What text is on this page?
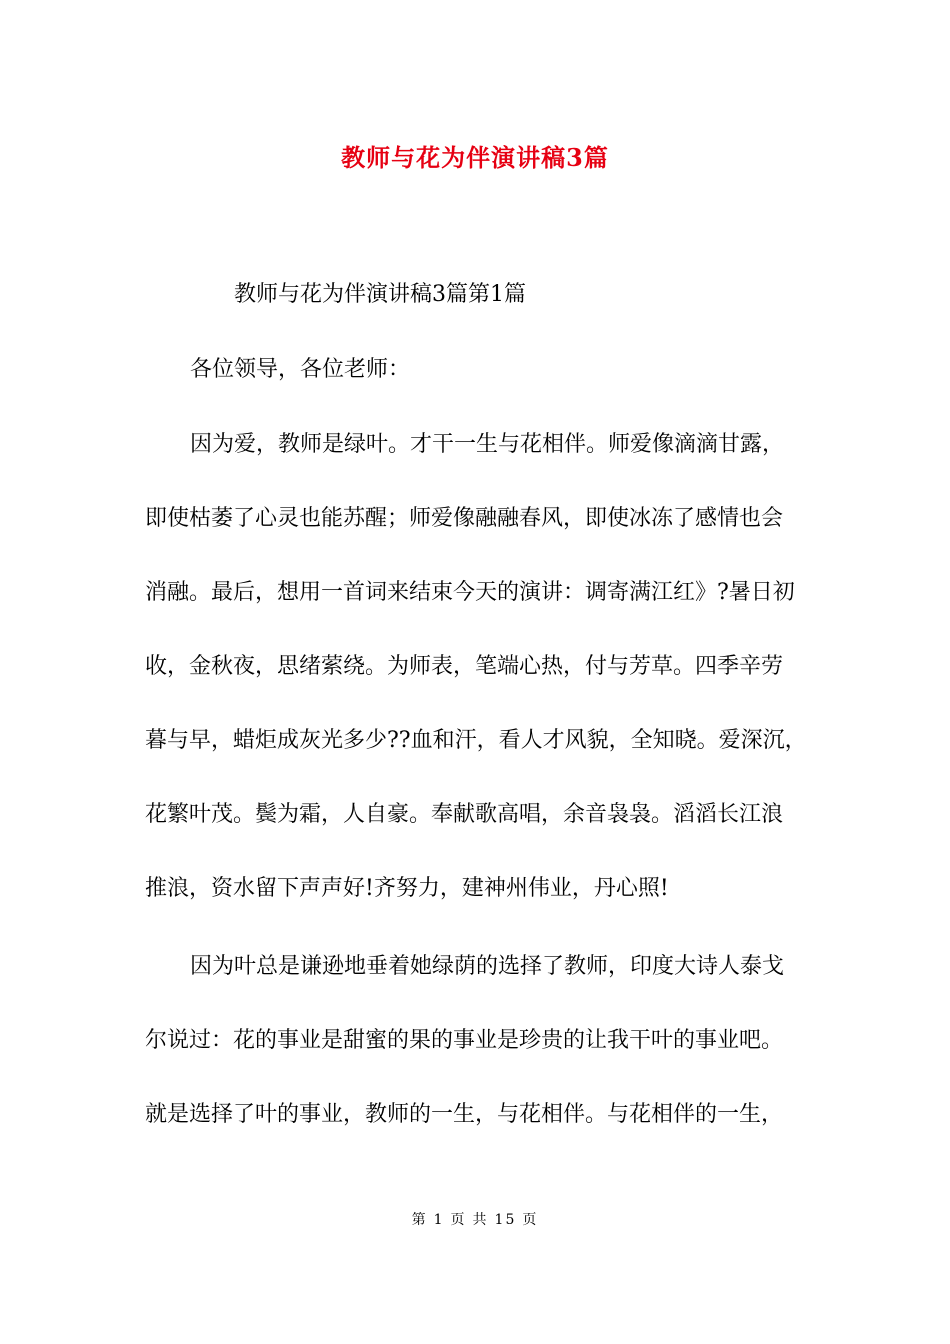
教师与花为伴演讲稿3篇
教师与花为伴演讲稿3篇第1篇
各位领导，各位老师：
因为爱，教师是绿叶。才干一生与花相伴。师爱像滴滴甘露，
即使枯萎了心灵也能苏醒；师爱像融融春风，即使冰冻了感情也会
消融。最后，想用一首词来结束今天的演讲：调寄满江红》?暑日初
收，金秋夜，思绪萦绕。为师表，笔端心热，付与芳草。四季辛劳
暮与早，蜡炬成灰光多少??血和汗，看人才风貌，全知晓。爱深沉，
花繁叶茂。鬓为霜，人自豪。奉献歌高唱，余音袅袅。滔滔长江浪
推浪，资水留下声声好!齐努力，建神州伟业，丹心照!
因为叶总是谦逊地垂着她绿荫的选择了教师，印度大诗人泰戈
尔说过：花的事业是甜蜜的果的事业是珍贵的让我干叶的事业吧。
就是选择了叶的事业，教师的一生，与花相伴。与花相伴的一生，
第 1 页 共 15 页
